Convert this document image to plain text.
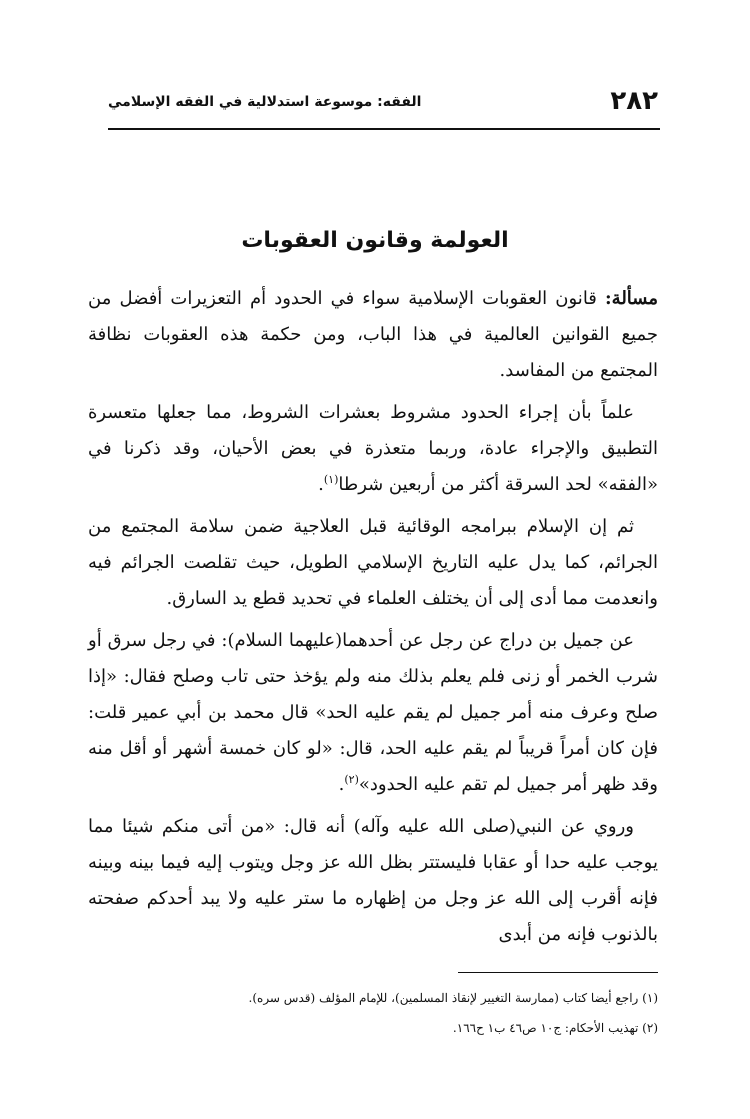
٢٨٢
الفقه: موسوعة استدلالية في الفقه الإسلامي
العولمة وقانون العقوبات

مسألة: قانون العقوبات الإسلامية سواء في الحدود أم التعزيرات أفضل من جميع القوانين العالمية في هذا الباب، ومن حكمة هذه العقوبات نظافة المجتمع من المفاسد.

علماً بأن إجراء الحدود مشروط بعشرات الشروط، مما جعلها متعسرة التطبيق والإجراء عادة، وربما متعذرة في بعض الأحيان، وقد ذكرنا في «الفقه» لحد السرقة أكثر من أربعين شرطا$^{(١)}$.

ثم إن الإسلام ببرامجه الوقائية قبل العلاجية ضمن سلامة المجتمع من الجرائم، كما يدل عليه التاريخ الإسلامي الطويل، حيث تقلصت الجرائم فيه وانعدمت مما أدى إلى أن يختلف العلماء في تحديد قطع يد السارق.

عن جميل بن دراج عن رجل عن أحدهما(عليهما السلام): في رجل سرق أو شرب الخمر أو زنى فلم يعلم بذلك منه ولم يؤخذ حتى تاب وصلح فقال: «إذا صلح وعرف منه أمر جميل لم يقم عليه الحد» قال محمد بن أبي عمير قلت: فإن كان أمراً قريباً لم يقم عليه الحد، قال: «لو كان خمسة أشهر أو أقل منه وقد ظهر أمر جميل لم تقم عليه الحدود»$^{(٢)}$.

وروي عن النبي(صلى الله عليه وآله) أنه قال: «من أتى منكم شيئا مما يوجب عليه حدا أو عقابا فليستتر بظل الله عز وجل ويتوب إليه فيما بينه وبينه فإنه أقرب إلى الله عز وجل من إظهاره ما ستر عليه ولا يبد أحدكم صفحته بالذنوب فإنه من أبدى

(١) راجع أيضا كتاب (ممارسة التغيير لإنقاذ المسلمين)، للإمام المؤلف (قدس سره).

(٢) تهذيب الأحكام: ج١٠ ص٤٦ ب١ ح١٦٦.
